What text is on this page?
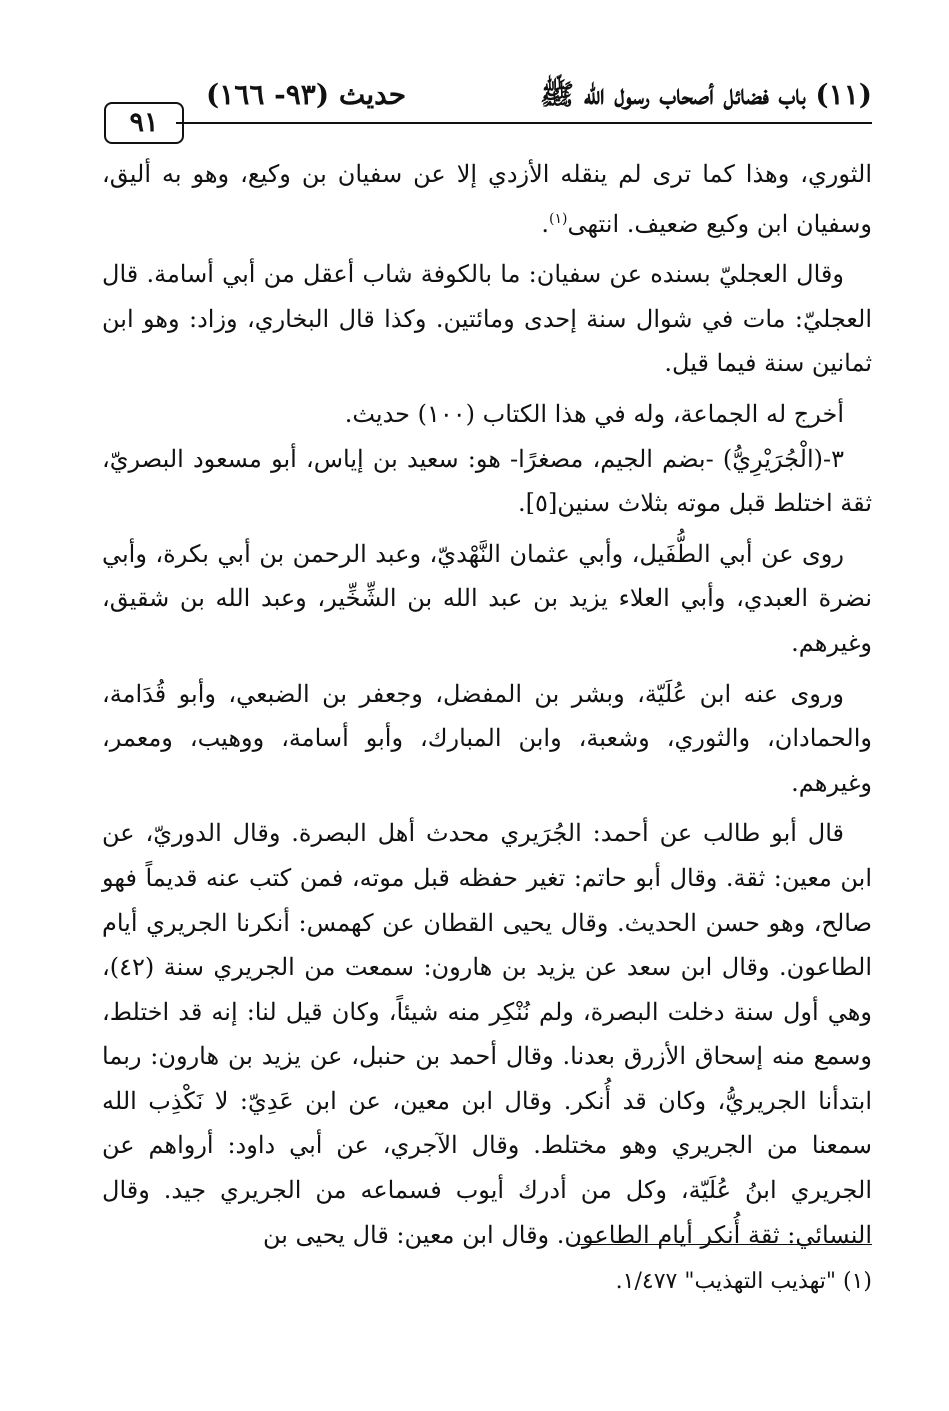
٩١
حديث (٩٣- ١٦٦)	(١١) باب فضائل أصحاب رسول الله ﷺ

الثوري، وهذا كما ترى لم ينقله الأزدي إلا عن سفيان بن وكيع، وهو به أليق، وسفيان ابن وكيع ضعيف. انتهى$^{(١)}$.

وقال العجليّ بسنده عن سفيان: ما بالكوفة شاب أعقل من أبي أسامة. قال العجليّ: مات في شوال سنة إحدى ومائتين. وكذا قال البخاري، وزاد: وهو ابن ثمانين سنة فيما قيل.

أخرج له الجماعة، وله في هذا الكتاب (١٠٠) حديث.

٣-(الْجُرَيْرِيُّ) -بضم الجيم، مصغرًا- هو: سعيد بن إياس، أبو مسعود البصريّ، ثقة اختلط قبل موته بثلاث سنين[٥].

روى عن أبي الطُّفَيل، وأبي عثمان النَّهْديّ، وعبد الرحمن بن أبي بكرة، وأبي نضرة العبدي، وأبي العلاء يزيد بن عبد الله بن الشِّخِّير، وعبد الله بن شقيق، وغيرهم.

وروى عنه ابن عُلَيّة، وبشر بن المفضل، وجعفر بن الضبعي، وأبو قُدَامة، والحمادان، والثوري، وشعبة، وابن المبارك، وأبو أسامة، ووهيب، ومعمر، وغيرهم.

قال أبو طالب عن أحمد: الجُرَيري محدث أهل البصرة. وقال الدوريّ، عن ابن معين: ثقة. وقال أبو حاتم: تغير حفظه قبل موته، فمن كتب عنه قديماً فهو صالح، وهو حسن الحديث. وقال يحيى القطان عن كهمس: أنكرنا الجريري أيام الطاعون. وقال ابن سعد عن يزيد بن هارون: سمعت من الجريري سنة (٤٢)، وهي أول سنة دخلت البصرة، ولم نُنْكِر منه شيئاً، وكان قيل لنا: إنه قد اختلط، وسمع منه إسحاق الأزرق بعدنا. وقال أحمد بن حنبل، عن يزيد بن هارون: ربما ابتدأنا الجريريُّ، وكان قد أُنكر. وقال ابن معين، عن ابن عَدِيّ: لا نَكْذِب الله سمعنا من الجريري وهو مختلط. وقال الآجري، عن أبي داود: أرواهم عن الجريري ابنُ عُلَيّة، وكل من أدرك أيوب فسماعه من الجريري جيد. وقال النسائي: ثقة أُنكر أيام الطاعون. وقال ابن معين: قال يحيى بن

(١) "تهذيب التهذيب" ١/٤٧٧.
